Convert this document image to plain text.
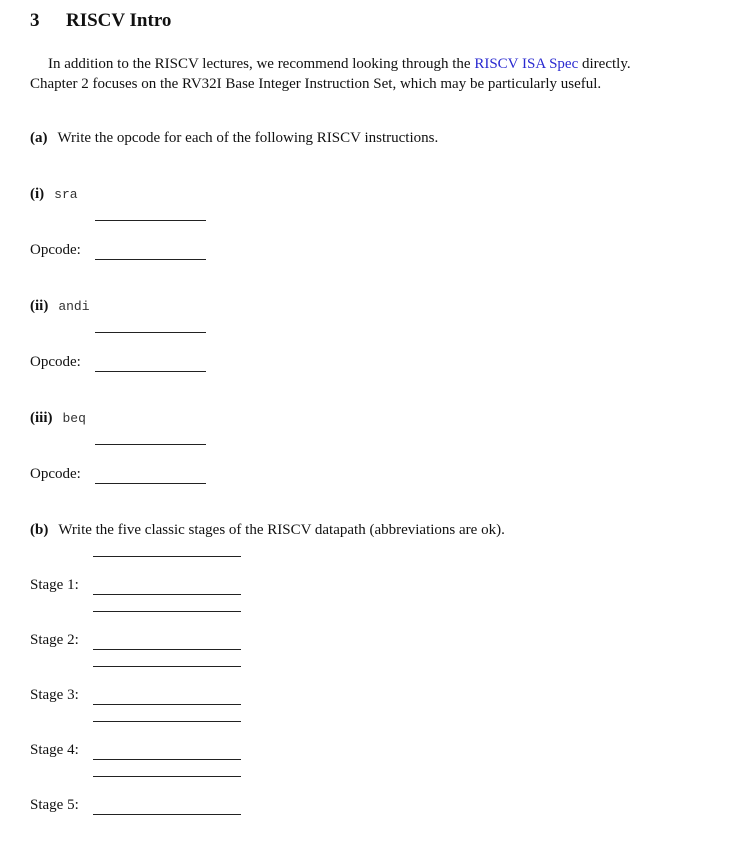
3 RISCV Intro
In addition to the RISCV lectures, we recommend looking through the RISCV ISA Spec directly.
Chapter 2 focuses on the RV32I Base Integer Instruction Set, which may be particularly useful.
(a) Write the opcode for each of the following RISCV instructions.
(i) sra
Opcode:
(ii) andi
Opcode:
(iii) beq
Opcode:
(b) Write the five classic stages of the RISCV datapath (abbreviations are ok).
Stage 1:
Stage 2:
Stage 3:
Stage 4:
Stage 5:
